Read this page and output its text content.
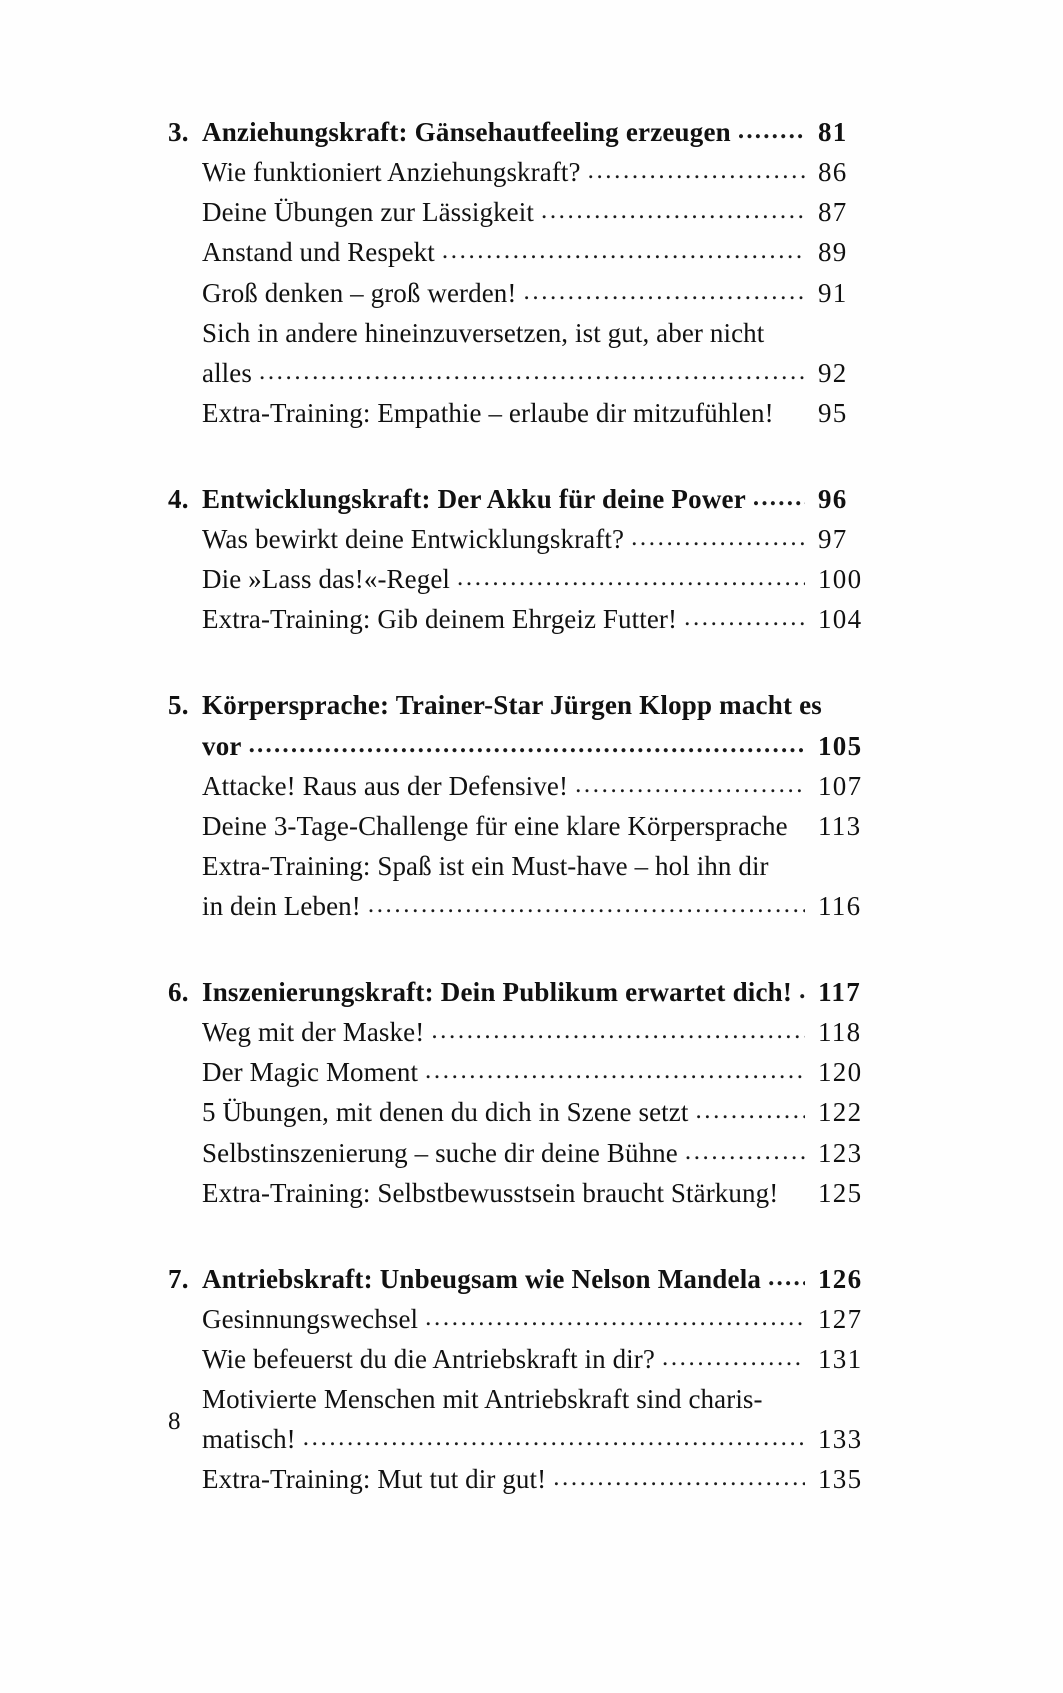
3. Anziehungskraft: Gänsehautfeeling erzeugen .....	81
Wie funktioniert Anziehungskraft? .....	86
Deine Übungen zur Lässigkeit .....	87
Anstand und Respekt .....	89
Groß denken – groß werden! .....	91
Sich in andere hineinzuversetzen, ist gut, aber nicht
alles .....	92
Extra-Training: Empathie – erlaube dir mitzufühlen! 95
4. Entwicklungskraft: Der Akku für deine Power .....	96
Was bewirkt deine Entwicklungskraft? .....	97
Die »Lass das!«-Regel .....	100
Extra-Training: Gib deinem Ehrgeiz Futter! .....	104
5. Körpersprache: Trainer-Star Jürgen Klopp macht es
vor .....	105
Attacke! Raus aus der Defensive! .....	107
Deine 3-Tage-Challenge für eine klare Körpersprache 113
Extra-Training: Spaß ist ein Must-have – hol ihn dir
in dein Leben! .....	116
6. Inszenierungskraft: Dein Publikum erwartet dich! ..... 117
Weg mit der Maske! .....	118
Der Magic Moment .....	120
5 Übungen, mit denen du dich in Szene setzt .....	122
Selbstinszenierung – suche dir deine Bühne .....	123
Extra-Training: Selbstbewusstsein braucht Stärkung! 125
7. Antriebskraft: Unbeugsam wie Nelson Mandela ..... 126
Gesinnungswechsel .....	127
Wie befeuerst du die Antriebskraft in dir? .....	131
Motivierte Menschen mit Antriebskraft sind charis-
matisch! .....	133
Extra-Training: Mut tut dir gut! .....	135
8
